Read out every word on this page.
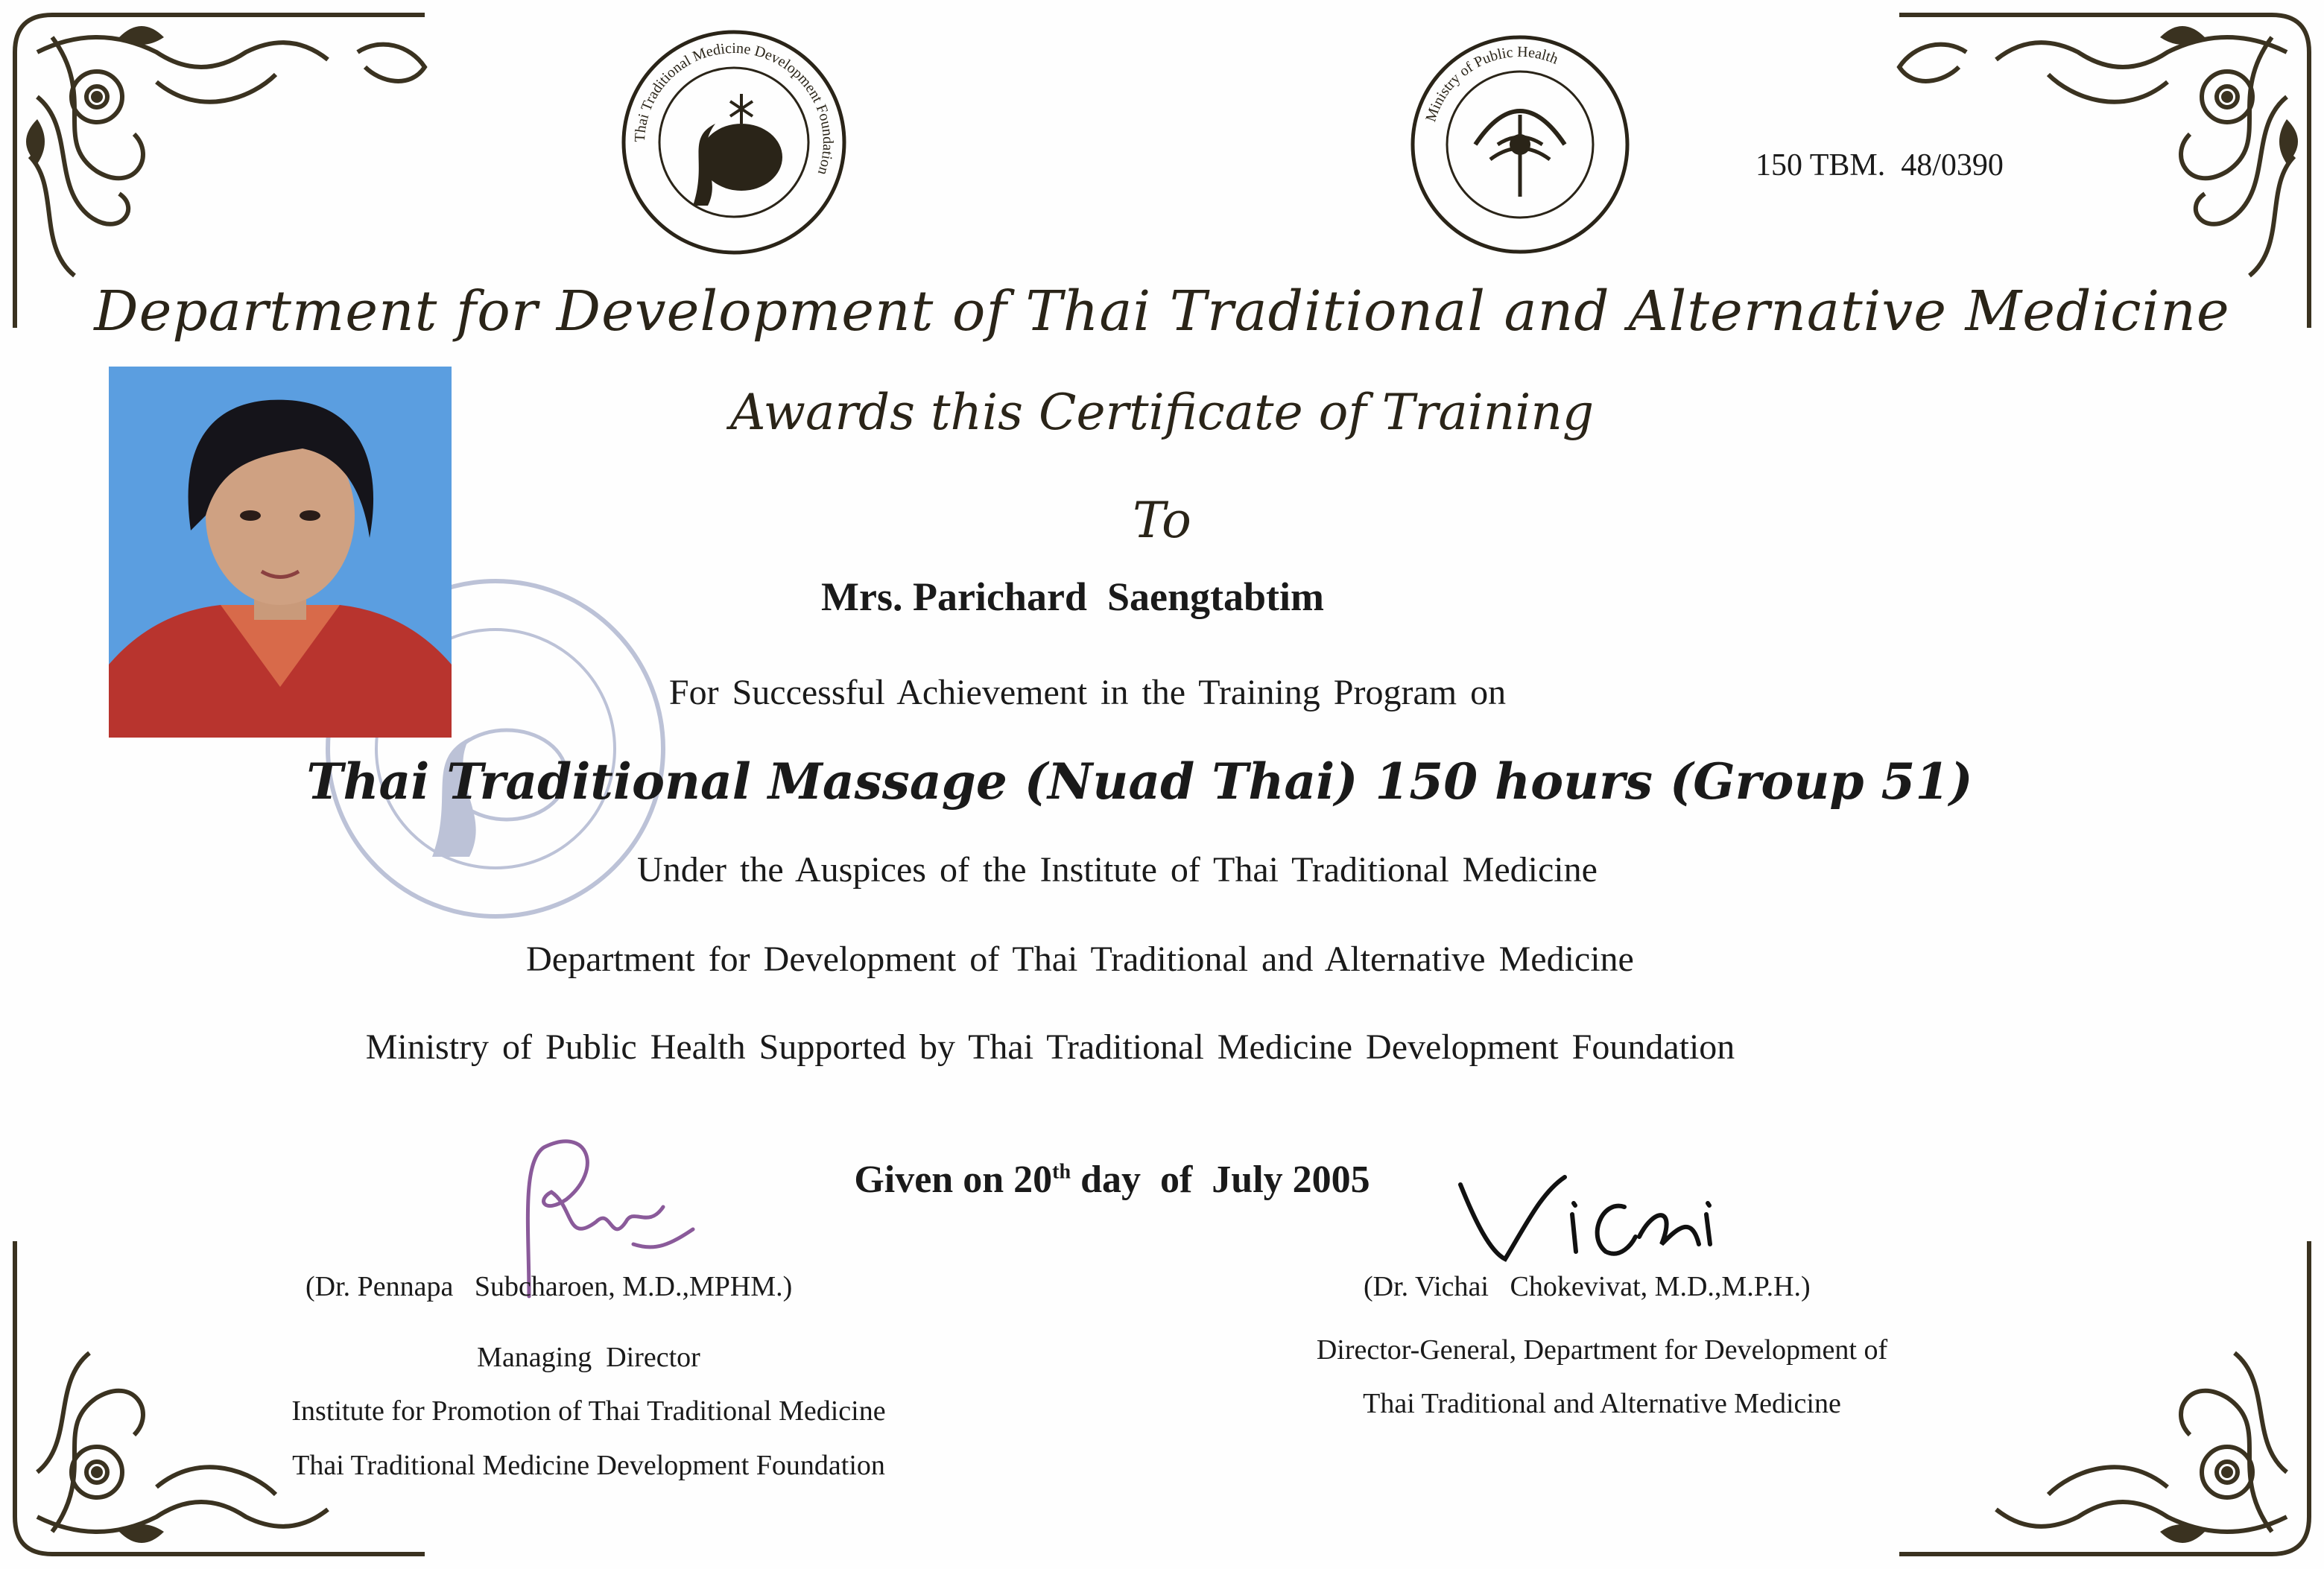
Thai Traditional Medicine Development Foundation
Ministry of Public Health
150 TBM.  48/0390
Department for Development of Thai Traditional and Alternative Medicine
Awards this Certificate of Training
To
Mrs. Parichard  Saengtabtim
For Successful Achievement in the Training Program on
Thai Traditional Massage (Nuad Thai) 150 hours (Group 51)
Under the Auspices of the Institute of Thai Traditional Medicine
Department for Development of Thai Traditional and Alternative Medicine
Ministry of Public Health Supported by Thai Traditional Medicine Development Foundation

Given on 20th day  of  July 2005

(Dr. Pennapa   Subcharoen, M.D.,MPHM.)
Managing  Director
Institute for Promotion of Thai Traditional Medicine
Thai Traditional Medicine Development Foundation
(Dr. Vichai   Chokevivat, M.D.,M.P.H.)
Director-General, Department for Development of
Thai Traditional and Alternative Medicine
